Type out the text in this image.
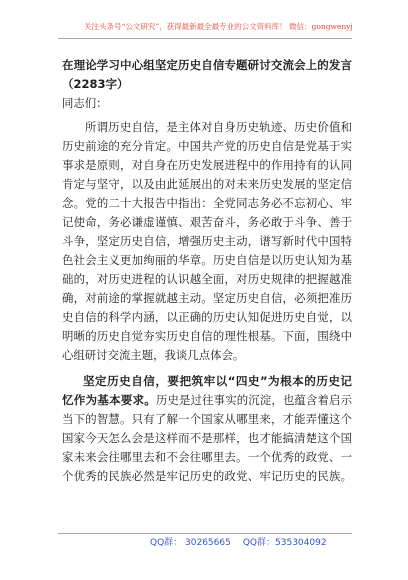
关注头条号“公文研究”，获得最新最全最专业的公文资料库！ 微信：gongwenyj
在理论学习中心组坚定历史自信专题研讨交流会上的发言
（2283字）
同志们：
所谓历史自信，是主体对自身历史轨迹、历史价值和
历史前途的充分肯定。中国共产党的历史自信是党基于实
事求是原则，对自身在历史发展进程中的作用持有的认同
肯定与坚守，以及由此延展出的对未来历史发展的坚定信
念。党的二十大报告中指出：全党同志务必不忘初心、牢
记使命，务必谦虚谨慎、艰苦奋斗，务必敢于斗争、善于
斗争，坚定历史自信，增强历史主动，谱写新时代中国特
色社会主义更加绚丽的华章。历史自信是以历史认知为基
础的，对历史进程的认识越全面，对历史规律的把握越准
确，对前途的掌握就越主动。坚定历史自信，必须把准历
史自信的科学内涵，以正确的历史认知促进历史自觉，以
明晰的历史自觉夯实历史自信的理性根基。下面，围绕中
心组研讨交流主题，我谈几点体会。
坚定历史自信，要把筑牢以“四史”为根本的历史记
忆作为基本要求。历史是过往事实的沉淀，也蕴含着启示
当下的智慧。只有了解一个国家从哪里来，才能弄懂这个
国家今天怎么会是这样而不是那样，也才能搞清楚这个国
家未来会往哪里去和不会往哪里去。一个优秀的政党、一
个优秀的民族必然是牢记历史的政党、牢记历史的民族。
QQ群： 30265665 QQ群：535304092
